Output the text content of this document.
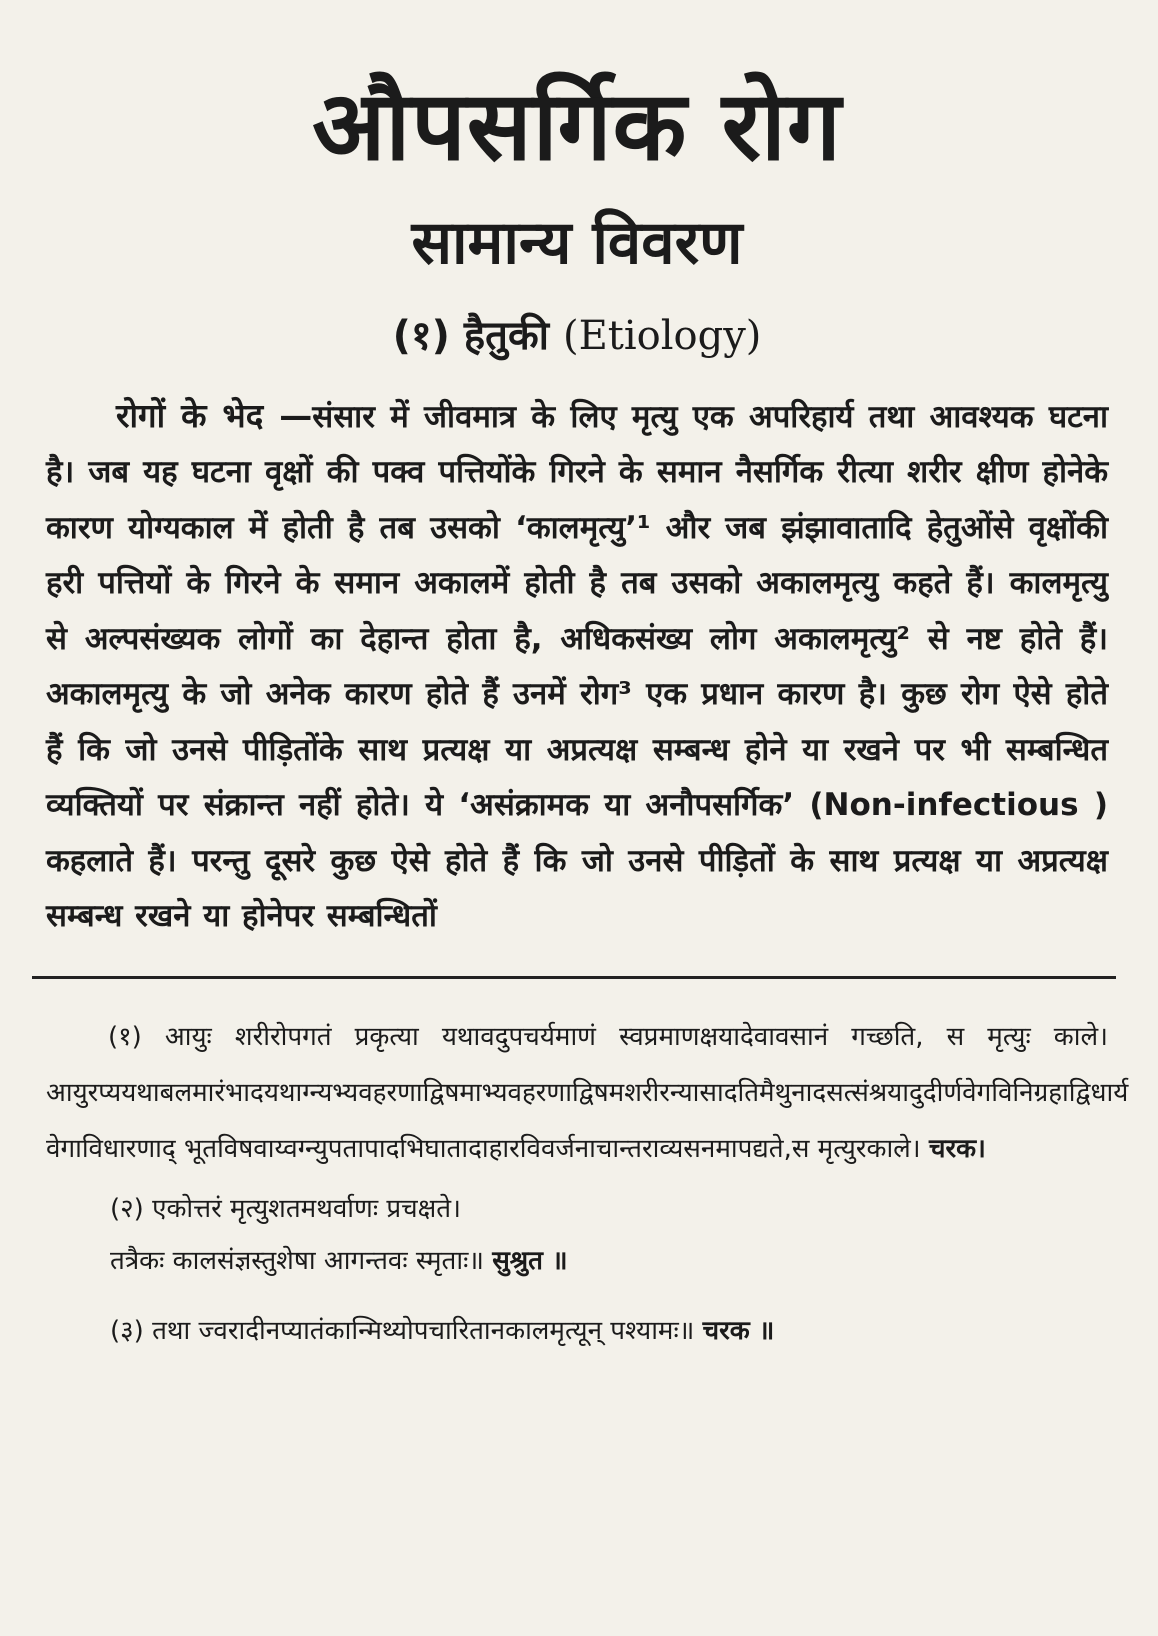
औपसर्गिक रोग
सामान्य विवरण
(१) हैतुकी (Etiology)

रोगों के भेद —संसार में जीवमात्र के लिए मृत्यु एक अपरिहार्य तथा आवश्यक घटना है। जब यह घटना वृक्षों की पक्व पत्तियोंके गिरने के समान नैसर्गिक रीत्या शरीर क्षीण होनेके कारण योग्यकाल में होती है तब उसको ‘कालमृत्यु’¹ और जब झंझावातादि हेतुओंसे वृक्षोंकी हरी पत्तियों के गिरने के समान अकालमें होती है तब उसको अकालमृत्यु कहते हैं। कालमृत्यु से अल्पसंख्यक लोगों का देहान्त होता है, अधिकसंख्य लोग अकालमृत्यु² से नष्ट होते हैं। अकालमृत्यु के जो अनेक कारण होते हैं उनमें रोग³ एक प्रधान कारण है। कुछ रोग ऐसे होते हैं कि जो उनसे पीड़ितोंके साथ प्रत्यक्ष या अप्रत्यक्ष सम्बन्ध होने या रखने पर भी सम्बन्धित व्यक्तियों पर संक्रान्त नहीं होते। ये ‘असंक्रामक या अनौपसर्गिक’ (Non-infectious ) कहलाते हैं। परन्तु दूसरे कुछ ऐसे होते हैं कि जो उनसे पीड़ितों के साथ प्रत्यक्ष या अप्रत्यक्ष सम्बन्ध रखने या होनेपर सम्बन्धितों

(१) आयुः शरीरोपगतं प्रकृत्या यथावदुपचर्यमाणं स्वप्रमाणक्षयादेवावसानं गच्छति, स मृत्युः काले। आयुरप्ययथाबलमारंभादयथाग्न्यभ्यवहरणाद्विषमाभ्यवहरणाद्विषमशरीरन्यासादतिमैथुनादसत्संश्रयादुदीर्णवेगविनिग्रहाद्विधार्य वेगाविधारणाद् भूतविषवाय्वग्न्युपतापादभिघातादाहारविवर्जनाचान्तराव्यसनमापद्यते,स मृत्युरकाले। चरक।

(२) एकोत्तरं मृत्युशतमथर्वाणः प्रचक्षते।
तत्रैकः कालसंज्ञस्तुशेषा आगन्तवः स्मृताः॥ सुश्रुत ॥

(३) तथा ज्वरादीनप्यातंकान्मिथ्योपचारितानकालमृत्यून् पश्यामः॥ चरक ॥
